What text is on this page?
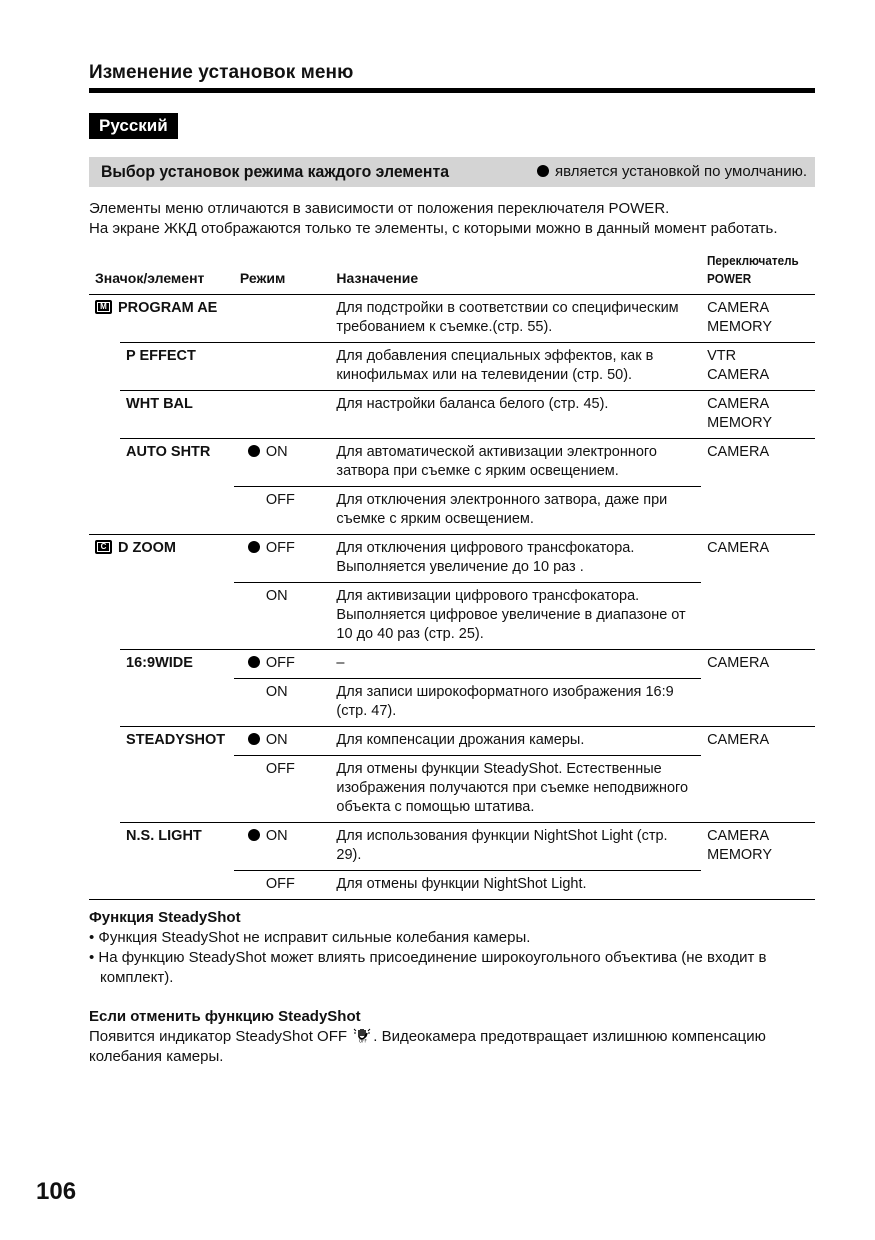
Изменение установок меню
Русский
Выбор установок режима каждого элемента	является установкой по умолчанию.

Элементы меню отличаются в зависимости от положения переключателя POWER.

На экране ЖКД отображаются только те элементы, с которыми можно в данный момент работать.

Значок/элемент		Режим	Назначение	Переключатель
POWER

M PROGRAM AE			Для подстройки в соответствии со специфическим требованием к съемке.(стр. 55).	CAMERA
MEMORY
	P EFFECT		Для добавления специальных эффектов, как в кинофильмах или на телевидении (стр. 50).	VTR
CAMERA
	WHT BAL		Для настройки баланса белого (стр. 45).	CAMERA
MEMORY
	AUTO SHTR	ON	Для автоматической активизации электронного затвора при съемке с ярким освещением.	CAMERA
		OFF	Для отключения электронного затвора, даже при съемке с ярким освещением.	

C D ZOOM		OFF	Для отключения цифрового трансфокатора. Выполняется увеличение до 10 раз .	CAMERA
		ON	Для активизации цифрового трансфокатора. Выполняется цифровое увеличение в диапазоне от 10 до 40 раз (стр. 25).	
	16:9WIDE	OFF	–	CAMERA
		ON	Для записи широкоформатного изображения 16:9 (стр. 47).	
	STEADYSHOT	ON	Для компенсации дрожания камеры.	CAMERA
		OFF	Для отмены функции SteadyShot. Естественные изображения получаются при съемке неподвижного объекта с помощью штатива.	
	N.S. LIGHT	ON	Для использования функции NightShot Light (стр. 29).	CAMERA
MEMORY
		OFF	Для отмены функции NightShot Light.	
Функция SteadyShot
• Функция SteadyShot не исправит сильные колебания камеры.
• На функцию SteadyShot может влиять присоединение широкоугольного объектива (не входит в комплект).
Если отменить функцию SteadyShot

Появится индикатор SteadyShot OFF	OFF . Видеокамера предотвращает излишнюю компенсацию колебания камеры.

106
